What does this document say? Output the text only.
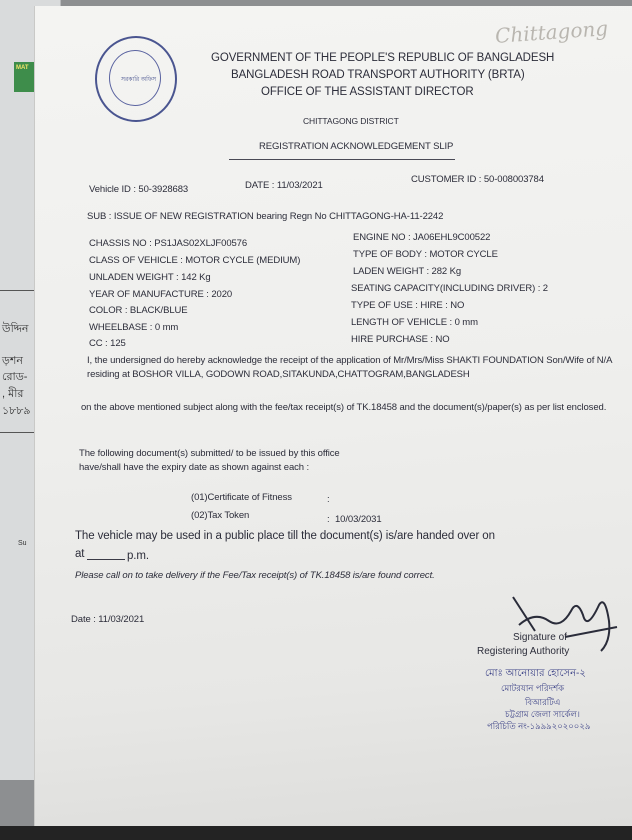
MAT
উদ্দিন
ড়শন
রোড-
, মীর
১৮৮৯
Su
Chittagong
সরকারি অফিস
GOVERNMENT OF THE PEOPLE'S REPUBLIC OF BANGLADESH
BANGLADESH ROAD TRANSPORT AUTHORITY (BRTA)
OFFICE OF THE ASSISTANT DIRECTOR
CHITTAGONG DISTRICT
REGISTRATION ACKNOWLEDGEMENT SLIP
Vehicle ID : 50-3928683	DATE : 11/03/2021
CUSTOMER ID : 50-008003784
SUB : ISSUE OF NEW REGISTRATION bearing Regn No CHITTAGONG-HA-11-2242
CHASSIS NO : PS1JAS02XLJF00576
CLASS OF VEHICLE : MOTOR CYCLE (MEDIUM)
UNLADEN WEIGHT : 142 Kg
YEAR OF MANUFACTURE : 2020
COLOR : BLACK/BLUE
WHEELBASE : 0 mm
CC : 125
ENGINE NO : JA06EHL9C00522
TYPE OF BODY : MOTOR CYCLE
LADEN WEIGHT : 282 Kg
SEATING CAPACITY(INCLUDING DRIVER) : 2
TYPE OF USE : HIRE : NO
LENGTH OF VEHICLE : 0 mm
HIRE PURCHASE : NO
I, the undersigned do hereby acknowledge the receipt of the application of Mr/Mrs/Miss SHAKTI FOUNDATION Son/Wife of N/A
residing at BOSHOR VILLA, GODOWN ROAD,SITAKUNDA,CHATTOGRAM,BANGLADESH
on the above mentioned subject along with the fee/tax receipt(s) of TK.18458 and the document(s)/paper(s) as per list enclosed.
The following document(s) submitted/ to be issued by this office
have/shall have the expiry date as shown against each :
(01)Certificate of Fitness	:
(02)Tax Token	: 10/03/2031
The vehicle may be used in a public place till the document(s) is/are handed over on
at	p.m.
Please call on to take delivery if the Fee/Tax receipt(s) of TK.18458 is/are found correct.
Date : 11/03/2021
Signature of
Registering Authority
মোঃ আনোয়ার হোসেন-২
মোটরযান পরিদর্শক
বিআরটিএ
চট্টগ্রাম জেলা সার্কেল।
পরিচিতি নং-১৯৯৯২০২০০২৯
